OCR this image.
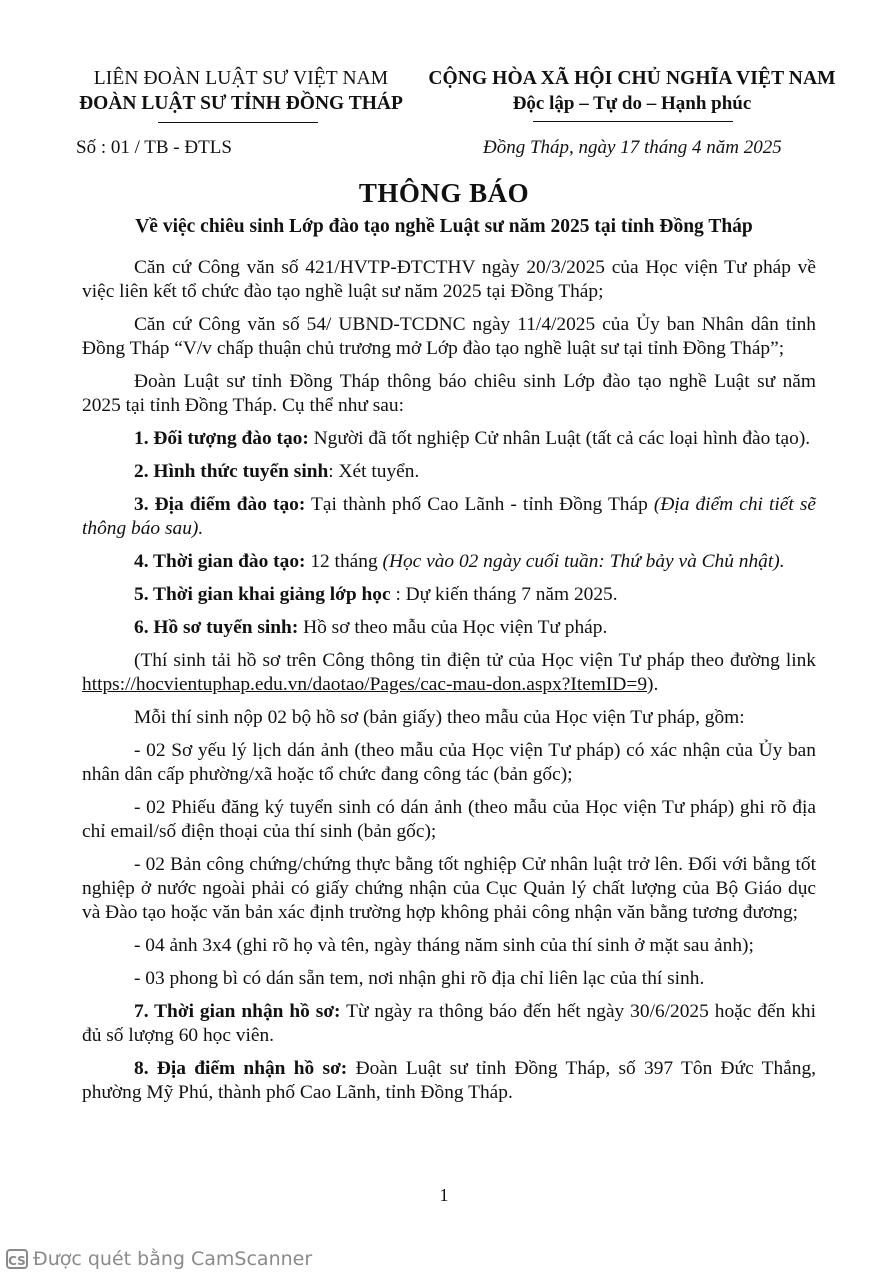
LIÊN ĐOÀN LUẬT SƯ VIỆT NAM
ĐOÀN LUẬT SƯ TỈNH ĐỒNG THÁP
CỘNG HÒA XÃ HỘI CHỦ NGHĨA VIỆT NAM
Độc lập – Tự do – Hạnh phúc
Số : 01 / TB - ĐTLS	Đồng Tháp, ngày 17 tháng 4 năm 2025
THÔNG BÁO
Về việc chiêu sinh Lớp đào tạo nghề Luật sư năm 2025 tại tỉnh Đồng Tháp

Căn cứ Công văn số 421/HVTP-ĐTCTHV ngày 20/3/2025 của Học viện Tư pháp về việc liên kết tổ chức đào tạo nghề luật sư năm 2025 tại Đồng Tháp;

Căn cứ Công văn số 54/ UBND-TCDNC ngày 11/4/2025 của Ủy ban Nhân dân tỉnh Đồng Tháp “V/v chấp thuận chủ trương mở Lớp đào tạo nghề luật sư tại tỉnh Đồng Tháp”;

Đoàn Luật sư tỉnh Đồng Tháp thông báo chiêu sinh Lớp đào tạo nghề Luật sư năm 2025 tại tỉnh Đồng Tháp. Cụ thể như sau:

1. Đối tượng đào tạo: Người đã tốt nghiệp Cử nhân Luật (tất cả các loại hình đào tạo).

2. Hình thức tuyển sinh: Xét tuyển.

3. Địa điểm đào tạo: Tại thành phố Cao Lãnh - tỉnh Đồng Tháp (Địa điểm chi tiết sẽ thông báo sau).

4. Thời gian đào tạo: 12 tháng (Học vào 02 ngày cuối tuần: Thứ bảy và Chủ nhật).

5. Thời gian khai giảng lớp học : Dự kiến tháng 7 năm 2025.

6. Hồ sơ tuyển sinh: Hồ sơ theo mẫu của Học viện Tư pháp.

(Thí sinh tải hồ sơ trên Công thông tin điện tử của Học viện Tư pháp theo đường link https://hocvientuphap.edu.vn/daotao/Pages/cac-mau-don.aspx?ItemID=9).

Mỗi thí sinh nộp 02 bộ hồ sơ (bản giấy) theo mẫu của Học viện Tư pháp, gồm:

- 02 Sơ yếu lý lịch dán ảnh (theo mẫu của Học viện Tư pháp) có xác nhận của Ủy ban nhân dân cấp phường/xã hoặc tổ chức đang công tác (bản gốc);

- 02 Phiếu đăng ký tuyển sinh có dán ảnh (theo mẫu của Học viện Tư pháp) ghi rõ địa chỉ email/số điện thoại của thí sinh (bản gốc);

- 02 Bản công chứng/chứng thực bằng tốt nghiệp Cử nhân luật trở lên. Đối với bằng tốt nghiệp ở nước ngoài phải có giấy chứng nhận của Cục Quản lý chất lượng của Bộ Giáo dục và Đào tạo hoặc văn bản xác định trường hợp không phải công nhận văn bằng tương đương;

- 04 ảnh 3x4 (ghi rõ họ và tên, ngày tháng năm sinh của thí sinh ở mặt sau ảnh);

- 03 phong bì có dán sẵn tem, nơi nhận ghi rõ địa chỉ liên lạc của thí sinh.

7. Thời gian nhận hồ sơ: Từ ngày ra thông báo đến hết ngày 30/6/2025 hoặc đến khi đủ số lượng 60 học viên.

8. Địa điểm nhận hồ sơ: Đoàn Luật sư tỉnh Đồng Tháp, số 397 Tôn Đức Thắng, phường Mỹ Phú, thành phố Cao Lãnh, tỉnh Đồng Tháp.

1
CS Được quét bằng CamScanner
